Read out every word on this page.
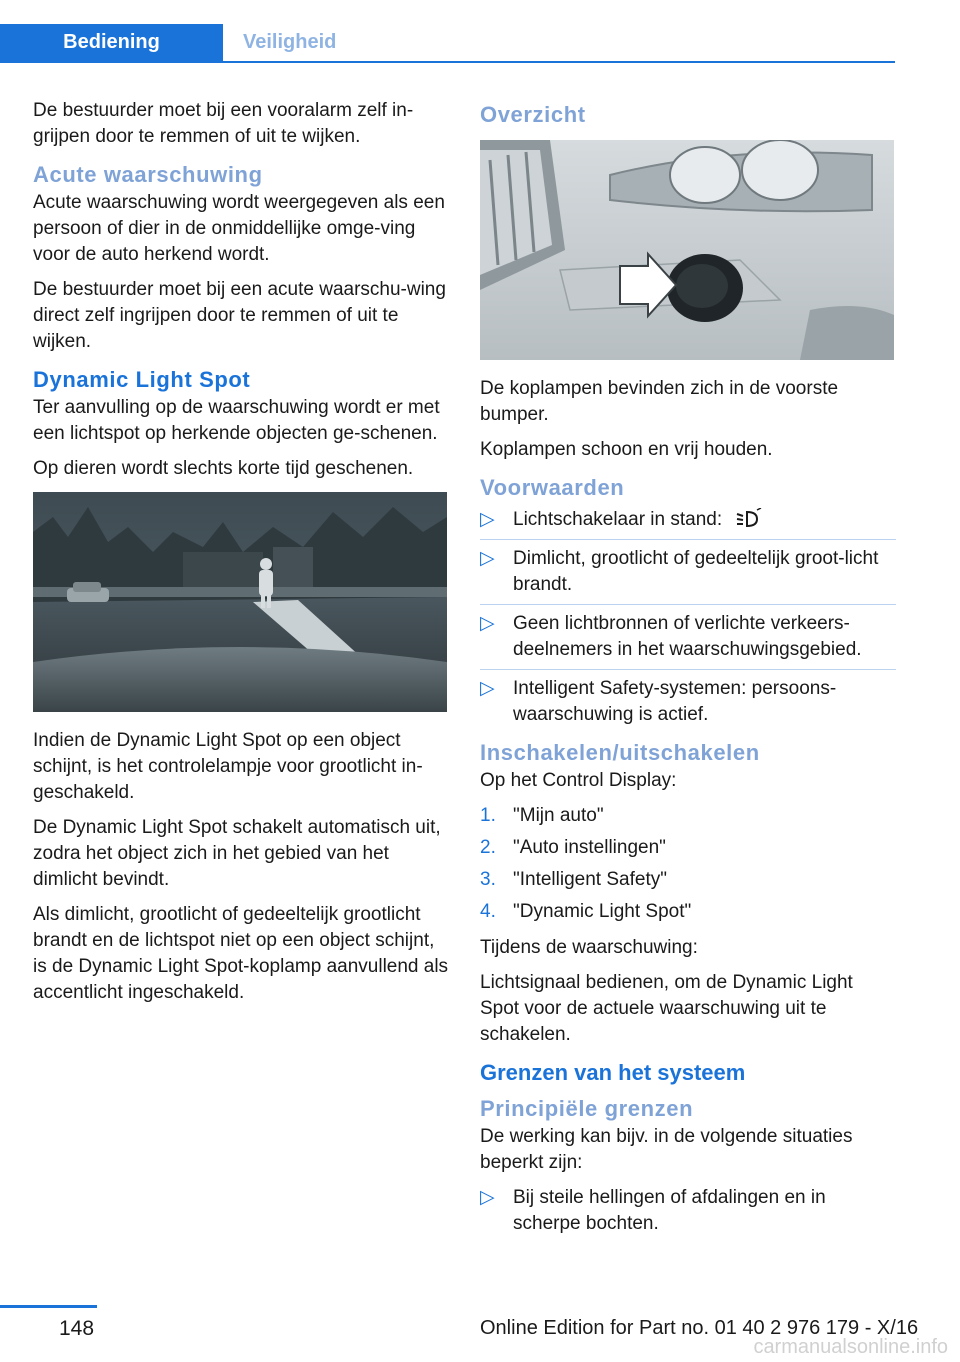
Bediening	Veiligheid

De bestuurder moet bij een vooralarm zelf in-grijpen door te remmen of uit te wijken.

Acute waarschuwing

Acute waarschuwing wordt weergegeven als een persoon of dier in de onmiddellijke omge-ving voor de auto herkend wordt.

De bestuurder moet bij een acute waarschu-wing direct zelf ingrijpen door te remmen of uit te wijken.

Dynamic Light Spot

Ter aanvulling op de waarschuwing wordt er met een lichtspot op herkende objecten ge-schenen.

Op dieren wordt slechts korte tijd geschenen.

Indien de Dynamic Light Spot op een object schijnt, is het controlelampje voor grootlicht in-geschakeld.

De Dynamic Light Spot schakelt automatisch uit, zodra het object zich in het gebied van het dimlicht bevindt.

Als dimlicht, grootlicht of gedeeltelijk grootlicht brandt en de lichtspot niet op een object schijnt, is de Dynamic Light Spot-koplamp aanvullend als accentlicht ingeschakeld.

Overzicht

De koplampen bevinden zich in de voorste bumper.

Koplampen schoon en vrij houden.

Voorwaarden
▷ Lichtschakelaar in stand:
▷ Dimlicht, grootlicht of gedeeltelijk groot-licht brandt.
▷ Geen lichtbronnen of verlichte verkeers-deelnemers in het waarschuwingsgebied.
▷ Intelligent Safety-systemen: persoons-waarschuwing is actief.
Inschakelen/uitschakelen

Op het Control Display:

1. "Mijn auto"
2. "Auto instellingen"
3. "Intelligent Safety"
4. "Dynamic Light Spot"

Tijdens de waarschuwing:

Lichtsignaal bedienen, om de Dynamic Light Spot voor de actuele waarschuwing uit te schakelen.

Grenzen van het systeem
Principiële grenzen

De werking kan bijv. in de volgende situaties beperkt zijn:

▷ Bij steile hellingen of afdalingen en in scherpe bochten.
148	Online Edition for Part no. 01 40 2 976 179 - X/16
carmanualsonline.info
